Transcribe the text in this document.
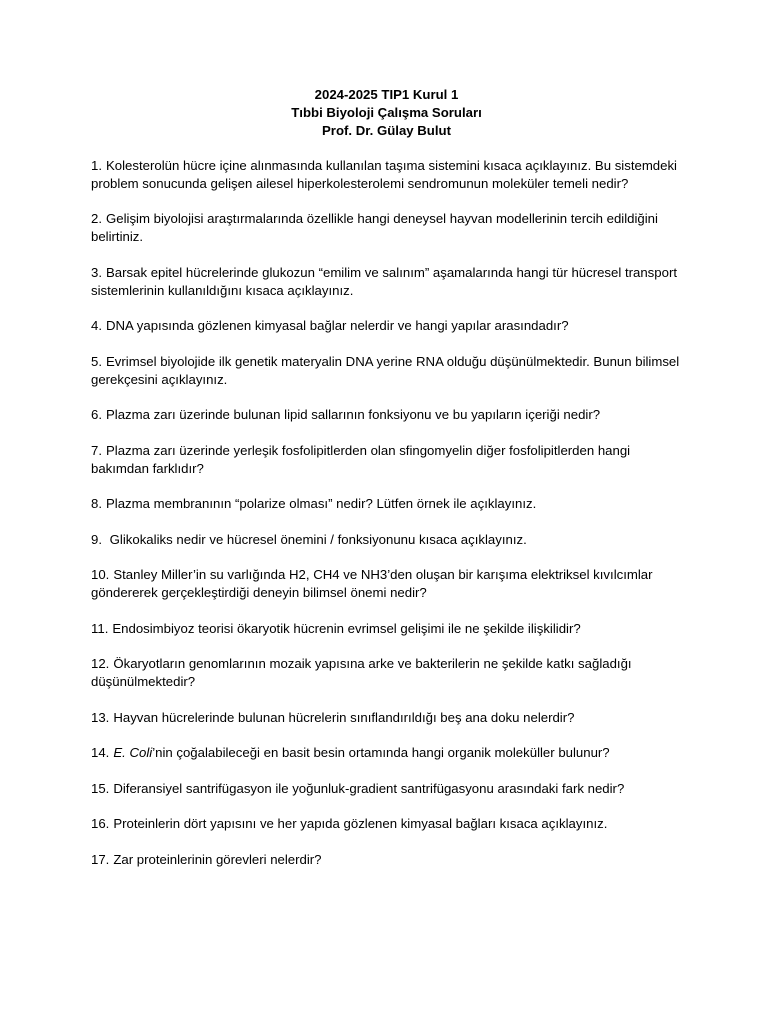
2024-2025 TIP1 Kurul 1
Tıbbi Biyoloji Çalışma Soruları
Prof. Dr. Gülay Bulut

1. Kolesterolün hücre içine alınmasında kullanılan taşıma sistemini kısaca açıklayınız. Bu sistemdeki problem sonucunda gelişen ailesel hiperkolesterolemi sendromunun moleküler temeli nedir?

2. Gelişim biyolojisi araştırmalarında özellikle hangi deneysel hayvan modellerinin tercih edildiğini belirtiniz.

3. Barsak epitel hücrelerinde glukozun “emilim ve salınım” aşamalarında hangi tür hücresel transport sistemlerinin kullanıldığını kısaca açıklayınız.

4. DNA yapısında gözlenen kimyasal bağlar nelerdir ve hangi yapılar arasındadır?

5. Evrimsel biyolojide ilk genetik materyalin DNA yerine RNA olduğu düşünülmektedir. Bunun bilimsel gerekçesini açıklayınız.

6. Plazma zarı üzerinde bulunan lipid sallarının fonksiyonu ve bu yapıların içeriği nedir?

7. Plazma zarı üzerinde yerleşik fosfolipitlerden olan sfingomyelin diğer fosfolipitlerden hangi bakımdan farklıdır?

8. Plazma membranının “polarize olması” nedir? Lütfen örnek ile açıklayınız.

9. Glikokaliks nedir ve hücresel önemini / fonksiyonunu kısaca açıklayınız.

10. Stanley Miller’in su varlığında H2, CH4 ve NH3’den oluşan bir karışıma elektriksel kıvılcımlar göndererek gerçekleştirdiği deneyin bilimsel önemi nedir?

11. Endosimbiyoz teorisi ökaryotik hücrenin evrimsel gelişimi ile ne şekilde ilişkilidir?

12. Ökaryotların genomlarının mozaik yapısına arke ve bakterilerin ne şekilde katkı sağladığı düşünülmektedir?

13. Hayvan hücrelerinde bulunan hücrelerin sınıflandırıldığı beş ana doku nelerdir?

14. E. Coli’nin çoğalabileceği en basit besin ortamında hangi organik moleküller bulunur?

15. Diferansiyel santrifügasyon ile yoğunluk-gradient santrifügasyonu arasındaki fark nedir?

16. Proteinlerin dört yapısını ve her yapıda gözlenen kimyasal bağları kısaca açıklayınız.

17. Zar proteinlerinin görevleri nelerdir?
